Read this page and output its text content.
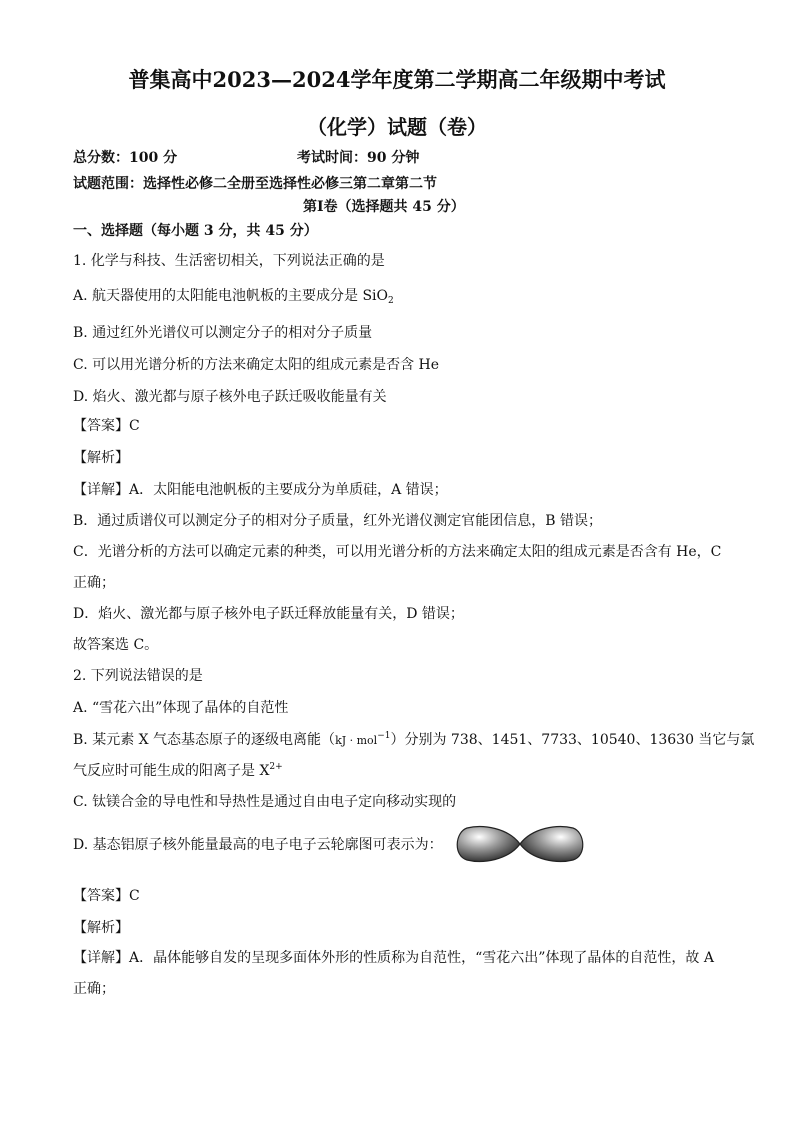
普集高中2023—2024学年度第二学期高二年级期中考试
（化学）试题（卷）
总分数：100 分	考试时间：90 分钟
试题范围：选择性必修二全册至选择性必修三第二章第二节
第Ⅰ卷（选择题共 45 分）
一、选择题（每小题 3 分，共 45 分）
1. 化学与科技、生活密切相关，下列说法正确的是
A. 航天器使用的太阳能电池帆板的主要成分是 SiO$_2$
B. 通过红外光谱仪可以测定分子的相对分子质量
C. 可以用光谱分析的方法来确定太阳的组成元素是否含 He
D. 焰火、激光都与原子核外电子跃迁吸收能量有关
【答案】C
【解析】
【详解】A．太阳能电池帆板的主要成分为单质硅，A 错误；
B．通过质谱仪可以测定分子的相对分子质量，红外光谱仪测定官能团信息，B 错误；
C．光谱分析的方法可以确定元素的种类，可以用光谱分析的方法来确定太阳的组成元素是否含有 He，C
正确；
D．焰火、激光都与原子核外电子跃迁释放能量有关，D 错误；
故答案选 C。
2. 下列说法错误的是
A. “雪花六出”体现了晶体的自范性
B. 某元素 X 气态基态原子的逐级电离能（kJ · mol$^{-1}$）分别为 738、1451、7733、10540、13630 当它与氯
气反应时可能生成的阳离子是 $X^{2+}$
C. 钛镁合金的导电性和导热性是通过自由电子定向移动实现的
D. 基态铝原子核外能量最高的电子电子云轮廓图可表示为：
【答案】C
【解析】
【详解】A．晶体能够自发的呈现多面体外形的性质称为自范性，“雪花六出”体现了晶体的自范性，故 A
正确；
